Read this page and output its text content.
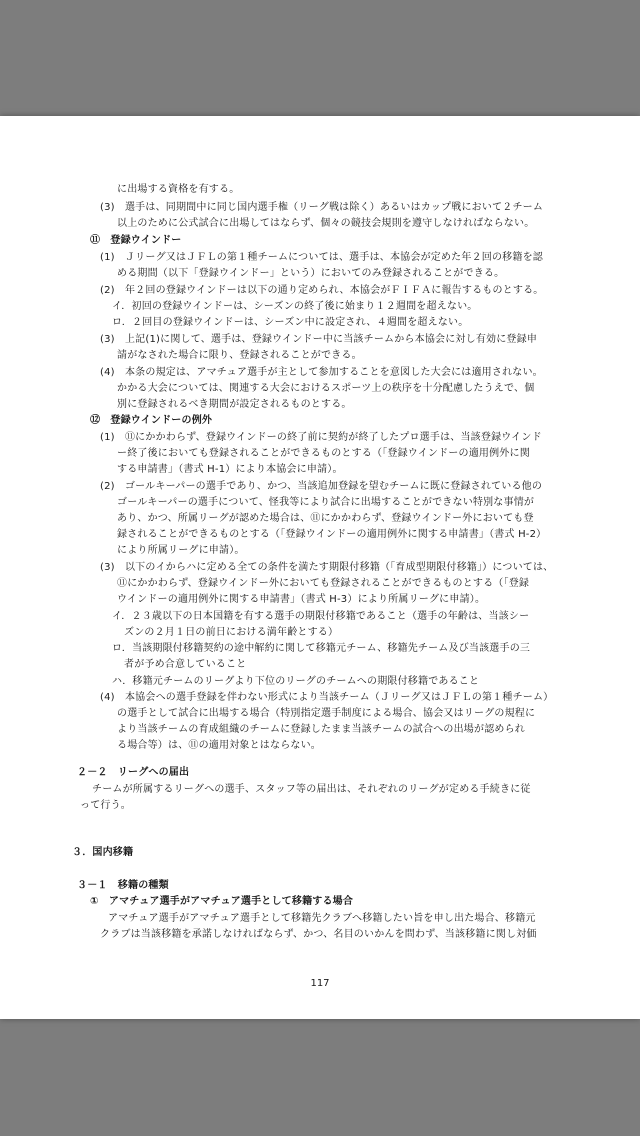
に出場する資格を有する。
(3)　選手は、同期間中に同じ国内選手権（リーグ戦は除く）あるいはカップ戦において２チーム
以上のために公式試合に出場してはならず、個々の競技会規則を遵守しなければならない。
⑪　登録ウインドー
(1)　Ｊリーグ又はＪＦＬの第１種チームについては、選手は、本協会が定めた年２回の移籍を認
める期間（以下「登録ウインドー」という）においてのみ登録されることができる。
(2)　年２回の登録ウインドーは以下の通り定められ、本協会がＦＩＦＡに報告するものとする。
イ．初回の登録ウインドーは、シーズンの終了後に始まり１２週間を超えない。
ロ．２回目の登録ウインドーは、シーズン中に設定され、４週間を超えない。
(3)　上記(1)に関して、選手は、登録ウインドー中に当該チームから本協会に対し有効に登録申
請がなされた場合に限り、登録されることができる。
(4)　本条の規定は、アマチュア選手が主として参加することを意図した大会には適用されない。
かかる大会については、関連する大会におけるスポーツ上の秩序を十分配慮したうえで、個
別に登録されるべき期間が設定されるものとする。
⑫　登録ウインドーの例外
(1)　⑪にかかわらず、登録ウインドーの終了前に契約が終了したプロ選手は、当該登録ウインド
ー終了後においても登録されることができるものとする（「登録ウインドーの適用例外に関
する申請書」（書式 H-1）により本協会に申請）。
(2)　ゴールキーパーの選手であり、かつ、当該追加登録を望むチームに既に登録されている他の
ゴールキーパーの選手について、怪我等により試合に出場することができない特別な事情が
あり、かつ、所属リーグが認めた場合は、⑪にかかわらず、登録ウインドー外においても登
録されることができるものとする（「登録ウインドーの適用例外に関する申請書」（書式 H-2）
により所属リーグに申請）。
(3)　以下のイからハに定める全ての条件を満たす期限付移籍（「育成型期限付移籍」）については、
⑪にかかわらず、登録ウインドー外においても登録されることができるものとする（「登録
ウインドーの適用例外に関する申請書」（書式 H-3）により所属リーグに申請）。
イ．２３歳以下の日本国籍を有する選手の期限付移籍であること（選手の年齢は、当該シー
ズンの２月１日の前日における満年齢とする）
ロ．当該期限付移籍契約の途中解約に関して移籍元チーム、移籍先チーム及び当該選手の三
者が予め合意していること
ハ．移籍元チームのリーグより下位のリーグのチームへの期限付移籍であること
(4)　本協会への選手登録を伴わない形式により当該チーム（Ｊリーグ又はＪＦＬの第１種チーム）
の選手として試合に出場する場合（特別指定選手制度による場合、協会又はリーグの規程に
より当該チームの育成組織のチームに登録したまま当該チームの試合への出場が認められ
る場合等）は、⑪の適用対象とはならない。
２－２　リーグへの届出
チームが所属するリーグへの選手、スタッフ等の届出は、それぞれのリーグが定める手続きに従
って行う。
３．国内移籍
３－１　移籍の種類
①　アマチュア選手がアマチュア選手として移籍する場合
アマチュア選手がアマチュア選手として移籍先クラブへ移籍したい旨を申し出た場合、移籍元
クラブは当該移籍を承諾しなければならず、かつ、名目のいかんを問わず、当該移籍に関し対価
117
